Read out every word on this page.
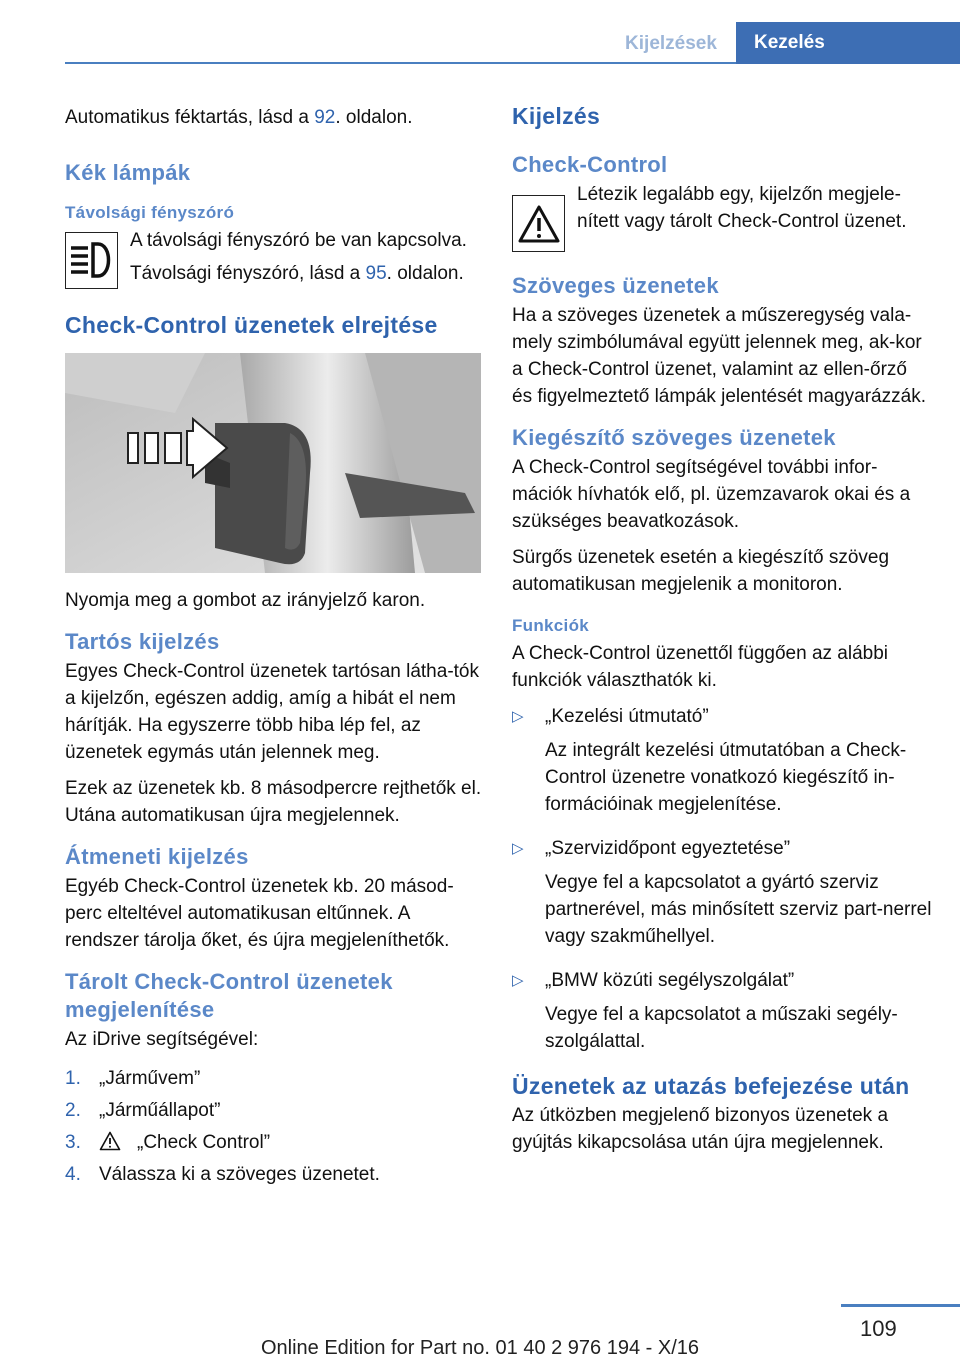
Kijelzések	Kezelés

Automatikus féktartás, lásd a 92. oldalon.

Kék lámpák
Távolsági fényszóró

A távolsági fényszóró be van kapcsolva.

Távolsági fényszóró, lásd a 95. oldalon.

Check-Control üzenetek elrejtése

Nyomja meg a gombot az irányjelző karon.

Tartós kijelzés

Egyes Check-Control üzenetek tartósan látha-tók a kijelzőn, egészen addig, amíg a hibát el nem hárítják. Ha egyszerre több hiba lép fel, az üzenetek egymás után jelennek meg.

Ezek az üzenetek kb. 8 másodpercre rejthetők el. Utána automatikusan újra megjelennek.

Átmeneti kijelzés

Egyéb Check-Control üzenetek kb. 20 másod-perc elteltével automatikusan eltűnnek. A rendszer tárolja őket, és újra megjeleníthetők.

Tárolt Check-Control üzenetek megjelenítése

Az iDrive segítségével:

1. „Járművem”
2. „Járműállapot”
3.	„Check Control”
4. Válassza ki a szöveges üzenetet.
Kijelzés
Check-Control

Létezik legalább egy, kijelzőn megjele-nített vagy tárolt Check-Control üzenet.

Szöveges üzenetek

Ha a szöveges üzenetek a műszeregység vala-mely szimbólumával együtt jelennek meg, ak-kor a Check-Control üzenet, valamint az ellen-őrző és figyelmeztető lámpák jelentését magyarázzák.

Kiegészítő szöveges üzenetek

A Check-Control segítségével további infor-mációk hívhatók elő, pl. üzemzavarok okai és a szükséges beavatkozások.

Sürgős üzenetek esetén a kiegészítő szöveg automatikusan megjelenik a monitoron.

Funkciók

A Check-Control üzenettől függően az alábbi funkciók választhatók ki.

▷	„Kezelési útmutató”

Az integrált kezelési útmutatóban a Check-Control üzenetre vonatkozó kiegészítő in-formációinak megjelenítése.

▷	„Szervizidőpont egyeztetése”

Vegye fel a kapcsolatot a gyártó szerviz partnerével, más minősített szerviz part-nerrel vagy szakműhellyel.

▷	„BMW közúti segélyszolgálat”

Vegye fel a kapcsolatot a műszaki segély-szolgálattal.

Üzenetek az utazás befejezése után

Az útközben megjelenő bizonyos üzenetek a gyújtás kikapcsolása után újra megjelennek.

109
Online Edition for Part no. 01 40 2 976 194 - X/16
